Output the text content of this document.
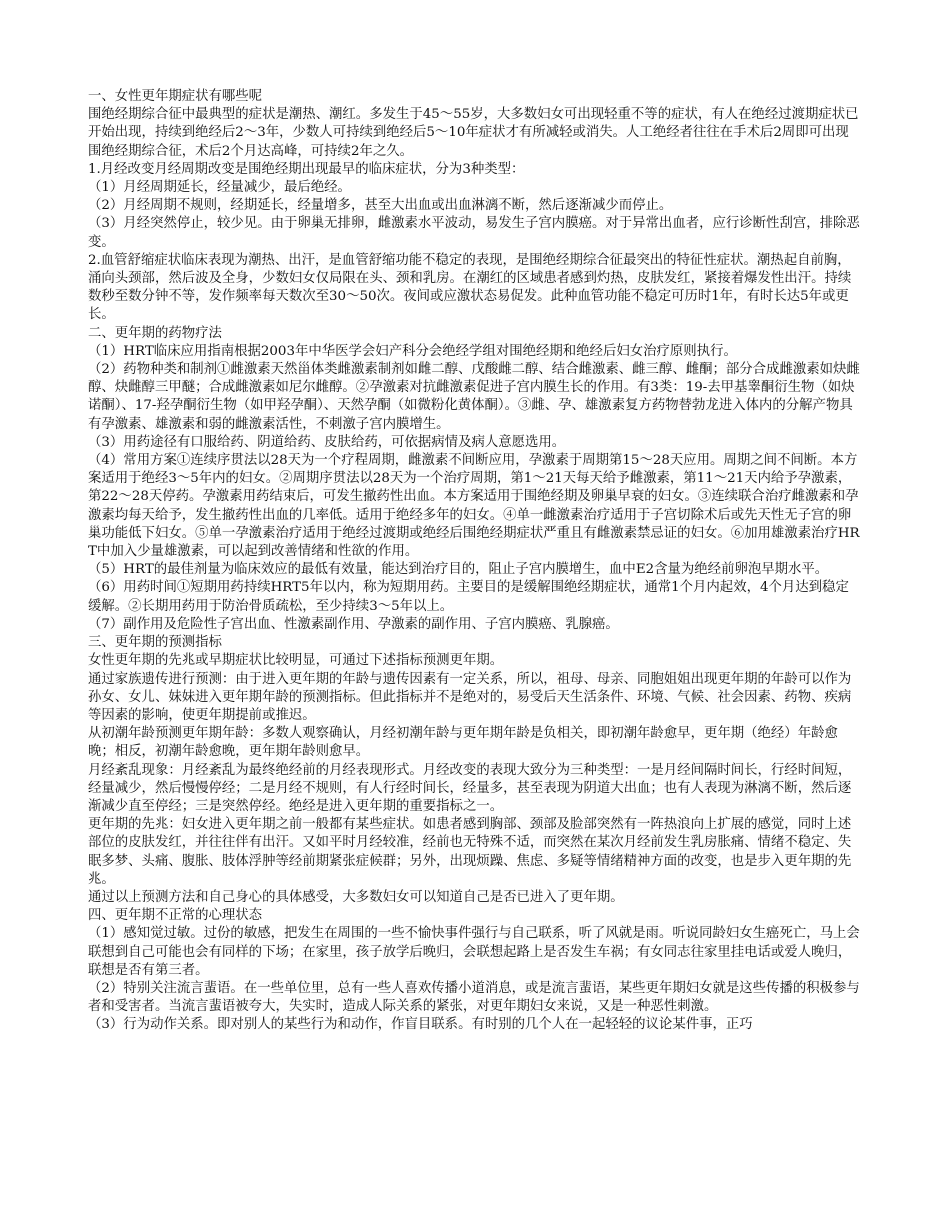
一、女性更年期症状有哪些呢

围绝经期综合征中最典型的症状是潮热、潮红。多发生于45～55岁，大多数妇女可出现轻重不等的症状，有人在绝经过渡期症状已开始出现，持续到绝经后2～3年，少数人可持续到绝经后5～10年症状才有所减轻或消失。人工绝经者往往在手术后2周即可出现围绝经期综合征，术后2个月达高峰，可持续2年之久。

1.月经改变月经周期改变是围绝经期出现最早的临床症状，分为3种类型：

（1）月经周期延长，经量减少，最后绝经。

（2）月经周期不规则，经期延长，经量增多，甚至大出血或出血淋漓不断，然后逐渐减少而停止。

（3）月经突然停止，较少见。由于卵巢无排卵，雌激素水平波动，易发生子宫内膜癌。对于异常出血者，应行诊断性刮宫，排除恶变。

2.血管舒缩症状临床表现为潮热、出汗，是血管舒缩功能不稳定的表现，是围绝经期综合征最突出的特征性症状。潮热起自前胸，涌向头颈部，然后波及全身，少数妇女仅局限在头、颈和乳房。在潮红的区域患者感到灼热，皮肤发红，紧接着爆发性出汗。持续数秒至数分钟不等，发作频率每天数次至30～50次。夜间或应激状态易促发。此种血管功能不稳定可历时1年，有时长达5年或更长。

二、更年期的药物疗法

（1）HRT临床应用指南根据2003年中华医学会妇产科分会绝经学组对围绝经期和绝经后妇女治疗原则执行。

（2）药物种类和制剂①雌激素天然甾体类雌激素制剂如雌二醇、戊酸雌二醇、结合雌激素、雌三醇、雌酮；部分合成雌激素如炔雌醇、炔雌醇三甲醚；合成雌激素如尼尔雌醇。②孕激素对抗雌激素促进子宫内膜生长的作用。有3类：19-去甲基睾酮衍生物（如炔诺酮）、17-羟孕酮衍生物（如甲羟孕酮）、天然孕酮（如微粉化黄体酮）。③雌、孕、雄激素复方药物替勃龙进入体内的分解产物具有孕激素、雄激素和弱的雌激素活性，不刺激子宫内膜增生。

（3）用药途径有口服给药、阴道给药、皮肤给药，可依据病情及病人意愿选用。

（4）常用方案①连续序贯法以28天为一个疗程周期，雌激素不间断应用，孕激素于周期第15～28天应用。周期之间不间断。本方案适用于绝经3～5年内的妇女。②周期序贯法以28天为一个治疗周期，第1～21天每天给予雌激素，第11～21天内给予孕激素，第22～28天停药。孕激素用药结束后，可发生撤药性出血。本方案适用于围绝经期及卵巢早衰的妇女。③连续联合治疗雌激素和孕激素均每天给予，发生撤药性出血的几率低。适用于绝经多年的妇女。④单一雌激素治疗适用于子宫切除术后或先天性无子宫的卵巢功能低下妇女。⑤单一孕激素治疗适用于绝经过渡期或绝经后围绝经期症状严重且有雌激素禁忌证的妇女。⑥加用雄激素治疗HRT中加入少量雄激素，可以起到改善情绪和性欲的作用。

（5）HRT的最佳剂量为临床效应的最低有效量，能达到治疗目的，阻止子宫内膜增生，血中E2含量为绝经前卵泡早期水平。

（6）用药时间①短期用药持续HRT5年以内，称为短期用药。主要目的是缓解围绝经期症状，通常1个月内起效，4个月达到稳定缓解。②长期用药用于防治骨质疏松，至少持续3～5年以上。

（7）副作用及危险性子宫出血、性激素副作用、孕激素的副作用、子宫内膜癌、乳腺癌。

三、更年期的预测指标

女性更年期的先兆或早期症状比较明显，可通过下述指标预测更年期。

通过家族遗传进行预测：由于进入更年期的年龄与遗传因素有一定关系，所以，祖母、母亲、同胞姐姐出现更年期的年龄可以作为孙女、女儿、妹妹进入更年期年龄的预测指标。但此指标并不是绝对的，易受后天生活条件、环境、气候、社会因素、药物、疾病等因素的影响，使更年期提前或推迟。

从初潮年龄预测更年期年龄：多数人观察确认，月经初潮年龄与更年期年龄是负相关，即初潮年龄愈早，更年期（绝经）年龄愈晚；相反，初潮年龄愈晚，更年期年龄则愈早。

月经紊乱现象：月经紊乱为最终绝经前的月经表现形式。月经改变的表现大致分为三种类型：一是月经间隔时间长，行经时间短，经量减少，然后慢慢停经；二是月经不规则，有人行经时间长，经量多，甚至表现为阴道大出血；也有人表现为淋漓不断，然后逐渐减少直至停经；三是突然停经。绝经是进入更年期的重要指标之一。

更年期的先兆：妇女进入更年期之前一般都有某些症状。如患者感到胸部、颈部及脸部突然有一阵热浪向上扩展的感觉，同时上述部位的皮肤发红，并往往伴有出汗。又如平时月经较准，经前也无特殊不适，而突然在某次月经前发生乳房胀痛、情绪不稳定、失眠多梦、头痛、腹胀、肢体浮肿等经前期紧张症候群；另外，出现烦躁、焦虑、多疑等情绪精神方面的改变，也是步入更年期的先兆。

通过以上预测方法和自己身心的具体感受，大多数妇女可以知道自己是否已进入了更年期。

四、更年期不正常的心理状态

（1）感知觉过敏。过份的敏感，把发生在周围的一些不愉快事件强行与自己联系，听了风就是雨。听说同龄妇女生癌死亡，马上会联想到自己可能也会有同样的下场；在家里，孩子放学后晚归，会联想起路上是否发生车祸；有女同志往家里挂电话或爱人晚归，联想是否有第三者。

（2）特别关注流言蜚语。在一些单位里，总有一些人喜欢传播小道消息，或是流言蜚语，某些更年期妇女就是这些传播的积极参与者和受害者。当流言蜚语被夸大，失实时，造成人际关系的紧张，对更年期妇女来说，又是一种恶性刺激。

（3）行为动作关系。即对别人的某些行为和动作，作盲目联系。有时别的几个人在一起轻轻的议论某件事，正巧
